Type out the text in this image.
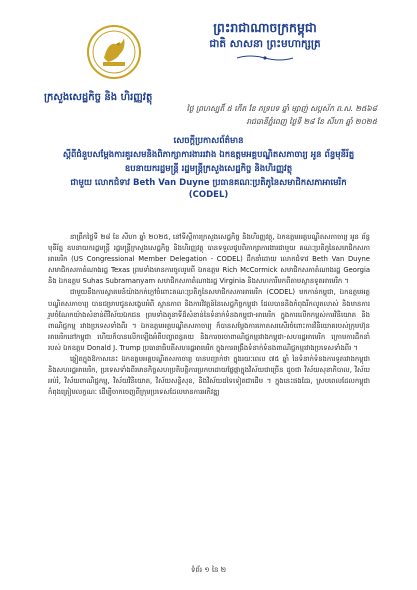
ព្រះរាជាណាចក្រកម្ពុជា
ជាតិ សាសនា ព្រះមហាក្សត្រ
ក្រសួងសេដ្ឋកិច្ច និង ហិរញ្ញវត្ថុ
ថ្ងៃ ព្រហស្បតិ៍ ៥ កើត ខែ ភទ្របទ ឆ្នាំ ម្សាញ់ សប្តស័ក ព.ស. ២៥៦៨
រាជធានីភ្នំពេញ ថ្ងៃទី ២៨ ខែ សីហា ឆ្នាំ ២០២៥
សេចក្តីប្រកាសព័ត៌មាន
ស្តីពីជំនួបសម្តែងការគួរសមនិងពិភាក្សាការងាររវាង ឯកឧត្តមអគ្គបណ្ឌិតសភាចារ្យ អូន ព័ន្ធមុនីរ័ត្ន
ឧបនាយករដ្ឋមន្ត្រី រដ្ឋមន្ត្រីក្រសួងសេដ្ឋកិច្ច និងហិរញ្ញវត្ថុ
ជាមួយ លោកជំទាវ Beth Van Duyne ប្រធានគណៈប្រតិភូនៃសមាជិកសភាអាមេរិក
(CODEL)

នាព្រឹកថ្ងៃទី ២៨ ខែ សីហា ឆ្នាំ ២០២៥, នៅទីស្តីការក្រសួងសេដ្ឋកិច្ច និងហិរញ្ញវត្ថុ, ឯកឧត្តមអគ្គបណ្ឌិតសភាចារ្យ អូន ព័ន្ធមុនីរ័ត្ន ឧបនាយករដ្ឋមន្ត្រី រដ្ឋមន្ត្រីក្រសួងសេដ្ឋកិច្ច និងហិរញ្ញវត្ថុ បានទទួលជួបពិភាក្សាការងារជាមួយ គណៈប្រតិភូនៃសមាជិកសភាអាមេរិក (US Congressional Member Delegation - CODEL) ដឹកនាំដោយ លោកជំទាវ Beth Van Duyne សមាជិកសភាតំណាងរដ្ឋ Texas ព្រមទាំងមានការចូលរួមពី ឯកឧត្តម Rich McCormick សមាជិកសភាតំណាងរដ្ឋ Georgia និង ឯកឧត្តម Suhas Subramanyam សមាជិកសភាតំណាងរដ្ឋ Virginia និងសហការីមកពីតាមស្ថានទូតអាមេរិក ។

ជាមួយនឹងការស្វាគមន៍យ៉ាងកក់ក្តៅចំពោះគណៈប្រតិភូនៃសមាជិកសភាអាមេរិក (CODEL) មកកាន់កម្ពុជា, ឯកឧត្តមអគ្គបណ្ឌិតសភាចារ្យ បានជម្រាបជូនសង្ខេបអំពី ស្ថានភាព និងការវិវត្តន៍នៃសេដ្ឋកិច្ចកម្ពុជា ដែលបាននិងកំពុងរីកលូតលាស់ និងមានការរួមចំណែកយ៉ាងសំខាន់ពីវិស័យឯកជន ព្រមទាំងតួនាទីដ៏សំខាន់នៃទំនាក់ទំនងកម្ពុជា-អាមេរិក ក្នុងការលើកកម្ពស់ការវិនិយោគ និងពាណិជ្ជកម្ម រវាងប្រទេសទាំងពីរ ។ ឯកឧត្តមអគ្គបណ្ឌិតសភាចារ្យ ក៏បានសម្តែងការកោតសរសើរចំពោះការវិនិយោគរបស់ក្រុមហ៊ុនអាមេរិកនៅកម្ពុជា ហើយក៏បានលើកឡើងអំពីបញ្ហាពន្ធគយ និងការចរចាពាណិជ្ជកម្មរវាងកម្ពុជា-សហរដ្ឋអាមេរិក ក្រោមការដឹកនាំរបស់ ឯកឧត្តម Donald J. Trump ប្រធានាធិបតីសហរដ្ឋអាមេរិក ក្នុងការពង្រឹងទំនាក់ទំនងពាណិជ្ជកម្មរវាងប្រទេសទាំងពីរ ។

ឆ្លៀតក្នុងឱកាសនេះ ឯកឧត្តមអគ្គបណ្ឌិតសភាចារ្យ បានបញ្ជាក់ថា ក្នុងរយៈពេល ៧៥ ឆ្នាំ នៃទំនាក់ទំនងការទូតរវាងកម្ពុជា និងសហរដ្ឋអាមេរិក, ប្រទេសទាំងពីរមានកិច្ចសហប្រតិបត្តិការប្រកបដោយផ្លែផ្កាក្នុងវិស័យជាច្រើន ដូចជា វិស័យសុខាភិបាល, វិស័យអប់រំ, វិស័យពាណិជ្ជកម្ម, វិស័យវិនិយោគ, វិស័យសន្តិសុខ, និងវិស័យដទៃទៀតជាដើម ។ ក្នុងនេះផងដែរ, ស្របពេលដែលកម្ពុជាកំពុងត្រៀមលក្ខណៈ ដើម្បីចាកចេញពីក្រុមប្រទេសដែលមានការអភិវឌ្ឍ

ទំព័រ ១ នៃ ២
